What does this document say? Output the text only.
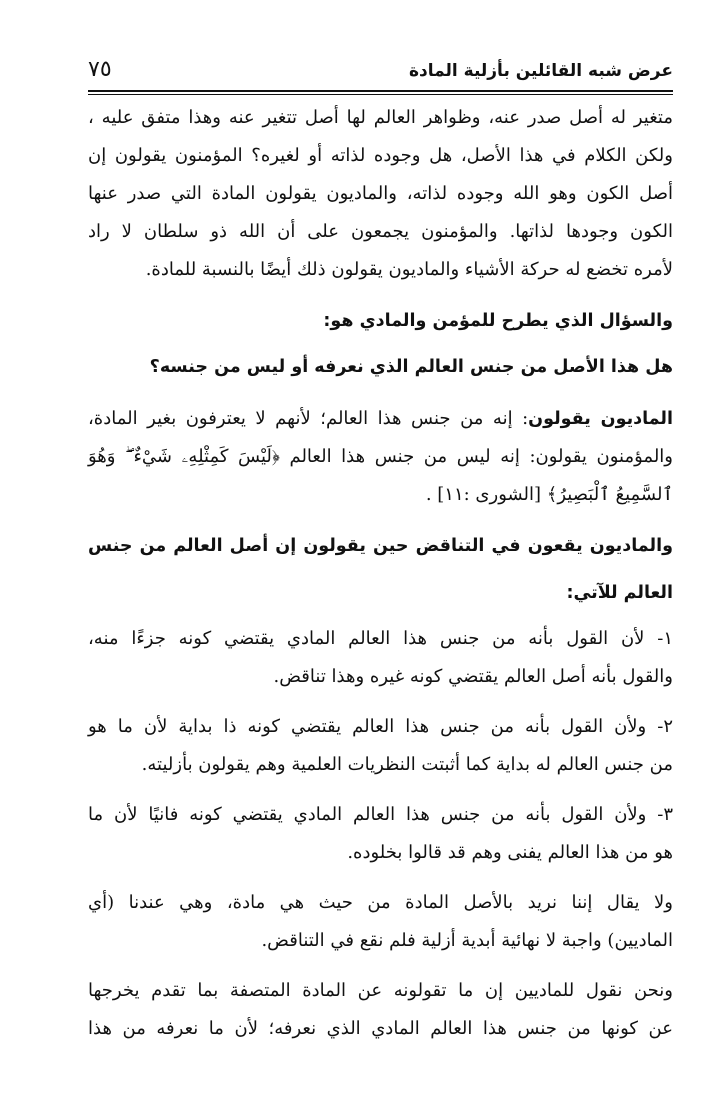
عرض شبه القائلين بأزلية المادة
٧٥
متغير له أصل صدر عنه، وظواهر العالم لها أصل تتغير عنه وهذا متفق عليه ،
ولكن الكلام في هذا الأصل، هل وجوده لذاته أو لغيره؟ المؤمنون يقولون إن
أصل الكون وهو الله وجوده لذاته، والماديون يقولون المادة التي صدر عنها
الكون وجودها لذاتها. والمؤمنون يجمعون على أن الله ذو سلطان لا راد
لأمره تخضع له حركة الأشياء والماديون يقولون ذلك أيضًا بالنسبة للمادة.
والسؤال الذي يطرح للمؤمن والمادي هو:
هل هذا الأصل من جنس العالم الذي نعرفه أو ليس من جنسه؟
الماديون يقولون: إنه من جنس هذا العالم؛ لأنهم لا يعترفون بغير المادة،
والمؤمنون يقولون: إنه ليس من جنس هذا العالم ﴿لَيْسَ كَمِثْلِهِۦ شَيْءٌ ۖ وَهُوَ
ٱلسَّمِيعُ ٱلْبَصِيرُ﴾ [الشورى :١١] .
والماديون يقعون في التناقض حين يقولون إن أصل العالم من جنس
العالم للآتي:
١- لأن القول بأنه من جنس هذا العالم المادي يقتضي كونه جزءًا منه،
والقول بأنه أصل العالم يقتضي كونه غيره وهذا تناقض.
٢- ولأن القول بأنه من جنس هذا العالم يقتضي كونه ذا بداية لأن ما هو
من جنس العالم له بداية كما أثبتت النظريات العلمية وهم يقولون بأزليته.
٣- ولأن القول بأنه من جنس هذا العالم المادي يقتضي كونه فانيًا لأن ما
هو من هذا العالم يفنى وهم قد قالوا بخلوده.
ولا يقال إننا نريد بالأصل المادة من حيث هي مادة، وهي عندنا (أي
الماديين) واجبة لا نهائية أبدية أزلية فلم نقع في التناقض.
ونحن نقول للماديين إن ما تقولونه عن المادة المتصفة بما تقدم يخرجها
عن كونها من جنس هذا العالم المادي الذي نعرفه؛ لأن ما نعرفه من هذا
